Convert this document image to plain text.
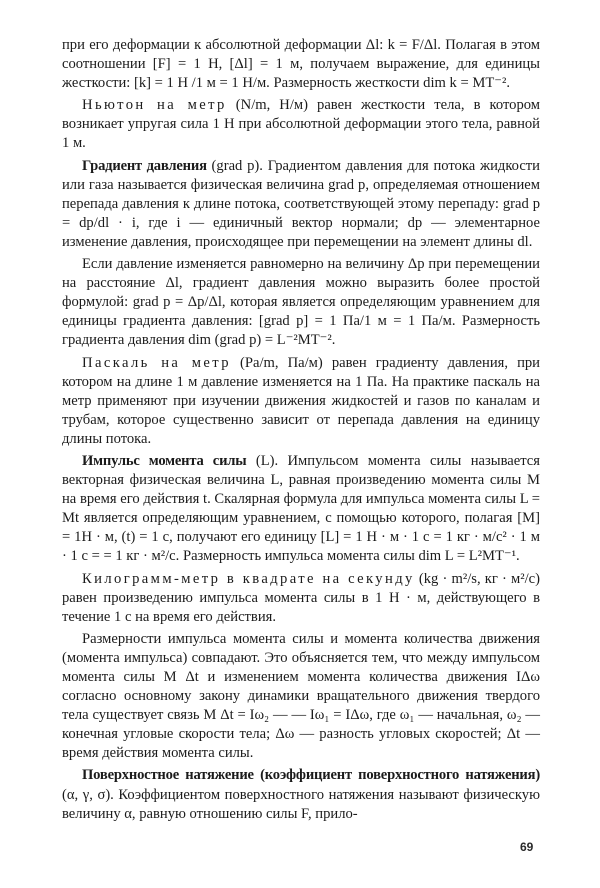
при его деформации к абсолютной деформации Δl: k = F/Δl. Полагая в этом соотношении [F] = 1 Н, [Δl] = 1 м, получаем выражение, для единицы жесткости: [k] = 1 Н /1 м = 1 Н/м. Размерность жесткости dim k = MT⁻².

Ньютон на метр (N/m, Н/м) равен жесткости тела, в котором возникает упругая сила 1 Н при абсолютной деформации этого тела, равной 1 м.

Градиент давления (grad p). Градиентом давления для потока жидкости или газа называется физическая величина grad p, определяемая отношением перепада давления к длине потока, соответствующей этому перепаду: grad p = dp/dl · i, где i — единичный вектор нормали; dp — элементарное изменение давления, происходящее при перемещении на элемент длины dl.

Если давление изменяется равномерно на величину Δp при перемещении на расстояние Δl, градиент давления можно выразить более простой формулой: grad p = Δp/Δl, которая является определяющим уравнением для единицы градиента давления: [grad p] = 1 Па/1 м = 1 Па/м. Размерность градиента давления dim (grad p) = L⁻²MT⁻².

Паскаль на метр (Pa/m, Па/м) равен градиенту давления, при котором на длине 1 м давление изменяется на 1 Па. На практике паскаль на метр применяют при изучении движения жидкостей и газов по каналам и трубам, которое существенно зависит от перепада давления на единицу длины потока.

Импульс момента силы (L). Импульсом момента силы называется векторная физическая величина L, равная произведению момента силы M на время его действия t. Скалярная формула для импульса момента силы L = Mt является определяющим уравнением, с помощью которого, полагая [M] = 1Н · м, (t) = 1 с, получают его единицу [L] = 1 Н · м · 1 с = 1 кг · м/с² · 1 м · 1 с = = 1 кг · м²/с. Размерность импульса момента силы dim L = L²MT⁻¹.

Килограмм-метр в квадрате на секунду (kg · m²/s, кг · м²/с) равен произведению импульса момента силы в 1 Н · м, действующего в течение 1 с на время его действия.

Размерности импульса момента силы и момента количества движения (момента импульса) совпадают. Это объясняется тем, что между импульсом момента силы M Δt и изменением момента количества движения IΔω согласно основному закону динамики вращательного движения твердого тела существует связь M Δt = Iω₂ — — Iω₁ = IΔω, где ω₁ — начальная, ω₂ — конечная угловые скорости тела; Δω — разность угловых скоростей; Δt — время действия момента силы.

Поверхностное натяжение (коэффициент поверхностного натяжения) (α, γ, σ). Коэффициентом поверхностного натяжения называют физическую величину α, равную отношению силы F, прило-

69
